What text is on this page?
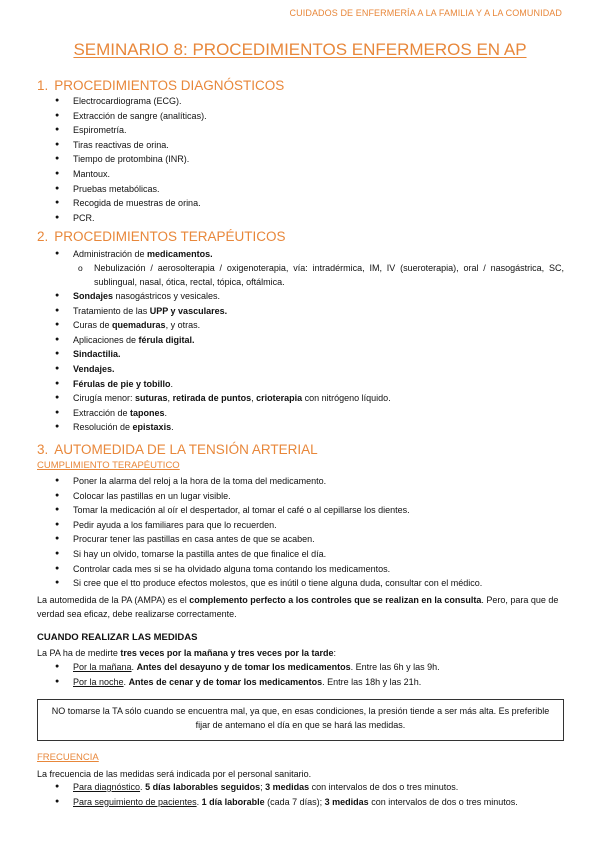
CUIDADOS DE ENFERMERÍA A LA FAMILIA Y A LA COMUNIDAD
SEMINARIO 8: PROCEDIMIENTOS ENFERMEROS EN AP
1. PROCEDIMIENTOS DIAGNÓSTICOS
● Electrocardiograma (ECG).
● Extracción de sangre (analíticas).
● Espirometría.
● Tiras reactivas de orina.
● Tiempo de protombina (INR).
● Mantoux.
● Pruebas metabólicas.
● Recogida de muestras de orina.
● PCR.
2. PROCEDIMIENTOS TERAPÉUTICOS
● Administración de medicamentos.
o Nebulización / aerosolterapia / oxigenoterapia, vía: intradérmica, IM, IV (sueroterapia), oral / nasogástrica, SC, sublingual, nasal, ótica, rectal, tópica, oftálmica.
● Sondajes nasogástricos y vesicales.
● Tratamiento de las UPP y vasculares.
● Curas de quemaduras, y otras.
● Aplicaciones de férula digital.
● Sindactilia.
● Vendajes.
● Férulas de pie y tobillo.
● Cirugía menor: suturas, retirada de puntos, crioterapia con nitrógeno líquido.
● Extracción de tapones.
● Resolución de epistaxis.
3. AUTOMEDIDA DE LA TENSIÓN ARTERIAL
CUMPLIMIENTO TERAPÉUTICO
● Poner la alarma del reloj a la hora de la toma del medicamento.
● Colocar las pastillas en un lugar visible.
● Tomar la medicación al oír el despertador, al tomar el café o al cepillarse los dientes.
● Pedir ayuda a los familiares para que lo recuerden.
● Procurar tener las pastillas en casa antes de que se acaben.
● Si hay un olvido, tomarse la pastilla antes de que finalice el día.
● Controlar cada mes si se ha olvidado alguna toma contando los medicamentos.
● Si cree que el tto produce efectos molestos, que es inútil o tiene alguna duda, consultar con el médico.
La automedida de la PA (AMPA) es el complemento perfecto a los controles que se realizan en la consulta. Pero, para que de verdad sea eficaz, debe realizarse correctamente.
CUANDO REALIZAR LAS MEDIDAS
La PA ha de medirte tres veces por la mañana y tres veces por la tarde:
● Por la mañana. Antes del desayuno y de tomar los medicamentos. Entre las 6h y las 9h.
● Por la noche. Antes de cenar y de tomar los medicamentos. Entre las 18h y las 21h.
NO tomarse la TA sólo cuando se encuentra mal, ya que, en esas condiciones, la presión tiende a ser más alta. Es preferible fijar de antemano el día en que se hará las medidas.
FRECUENCIA
La frecuencia de las medidas será indicada por el personal sanitario.
● Para diagnóstico. 5 días laborables seguidos; 3 medidas con intervalos de dos o tres minutos.
● Para seguimiento de pacientes. 1 día laborable (cada 7 días); 3 medidas con intervalos de dos o tres minutos.
